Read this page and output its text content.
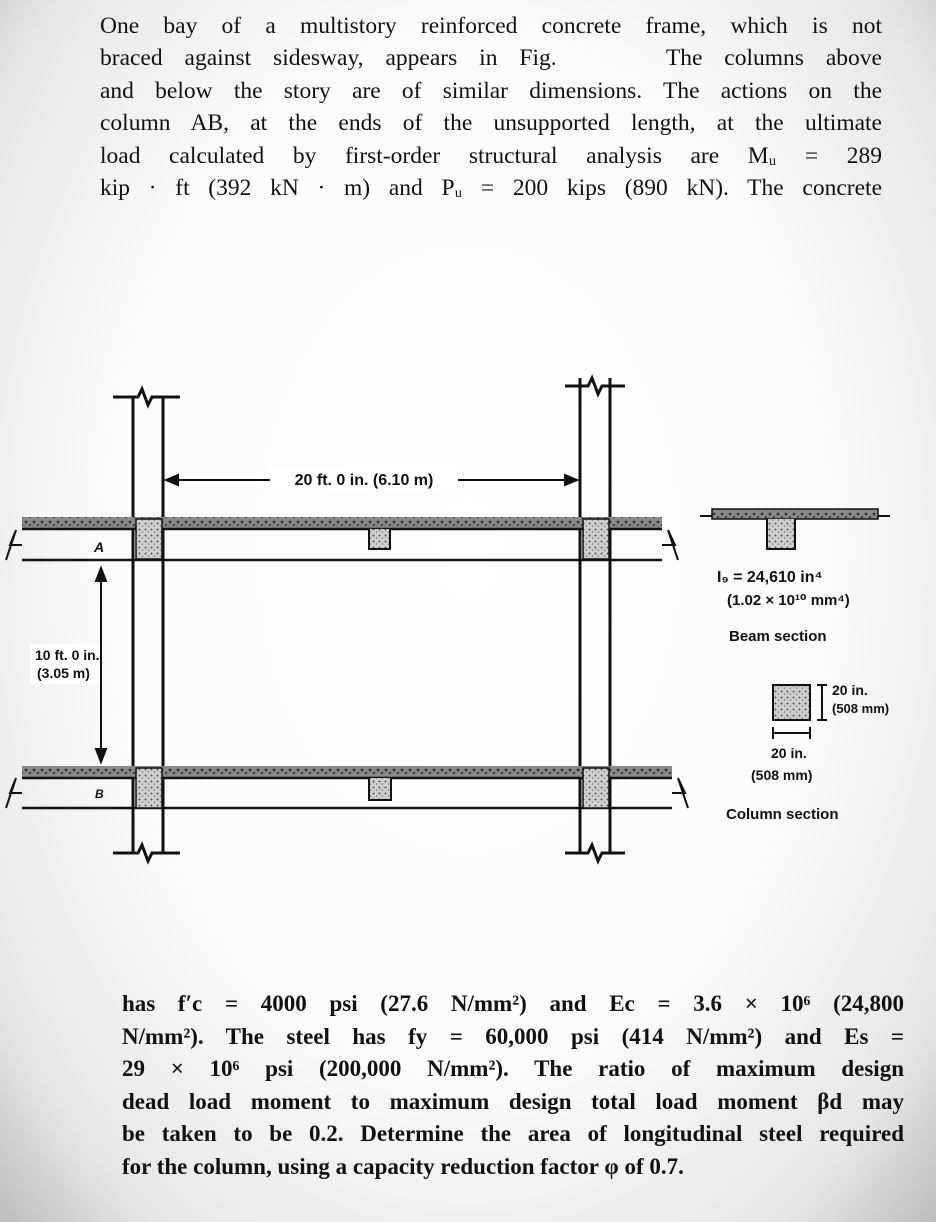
One bay of a multistory reinforced concrete frame, which is not
braced against sidesway, appears in Fig.     The columns above
and below the story are of similar dimensions. The actions on the
column AB, at the ends of the unsupported length, at the ultimate
load calculated by first-order structural analysis are Mᵤ = 289
kip · ft (392 kN · m) and Pᵤ = 200 kips (890 kN). The concrete
20 ft. 0 in. (6.10 m)
10 ft. 0 in.
(3.05 m)
A
B
I₉ = 24,610 in⁴
(1.02 × 10¹⁰ mm⁴)
Beam section
20 in.
(508 mm)
20 in.
(508 mm)
Column section
has f′c = 4000 psi (27.6 N/mm²) and Ec = 3.6 × 10⁶ (24,800
N/mm²). The steel has fy = 60,000 psi (414 N/mm²) and Es =
29 × 10⁶ psi (200,000 N/mm²). The ratio of maximum design
dead load moment to maximum design total load moment βd may
be taken to be 0.2. Determine the area of longitudinal steel required
for the column, using a capacity reduction factor φ of 0.7.
